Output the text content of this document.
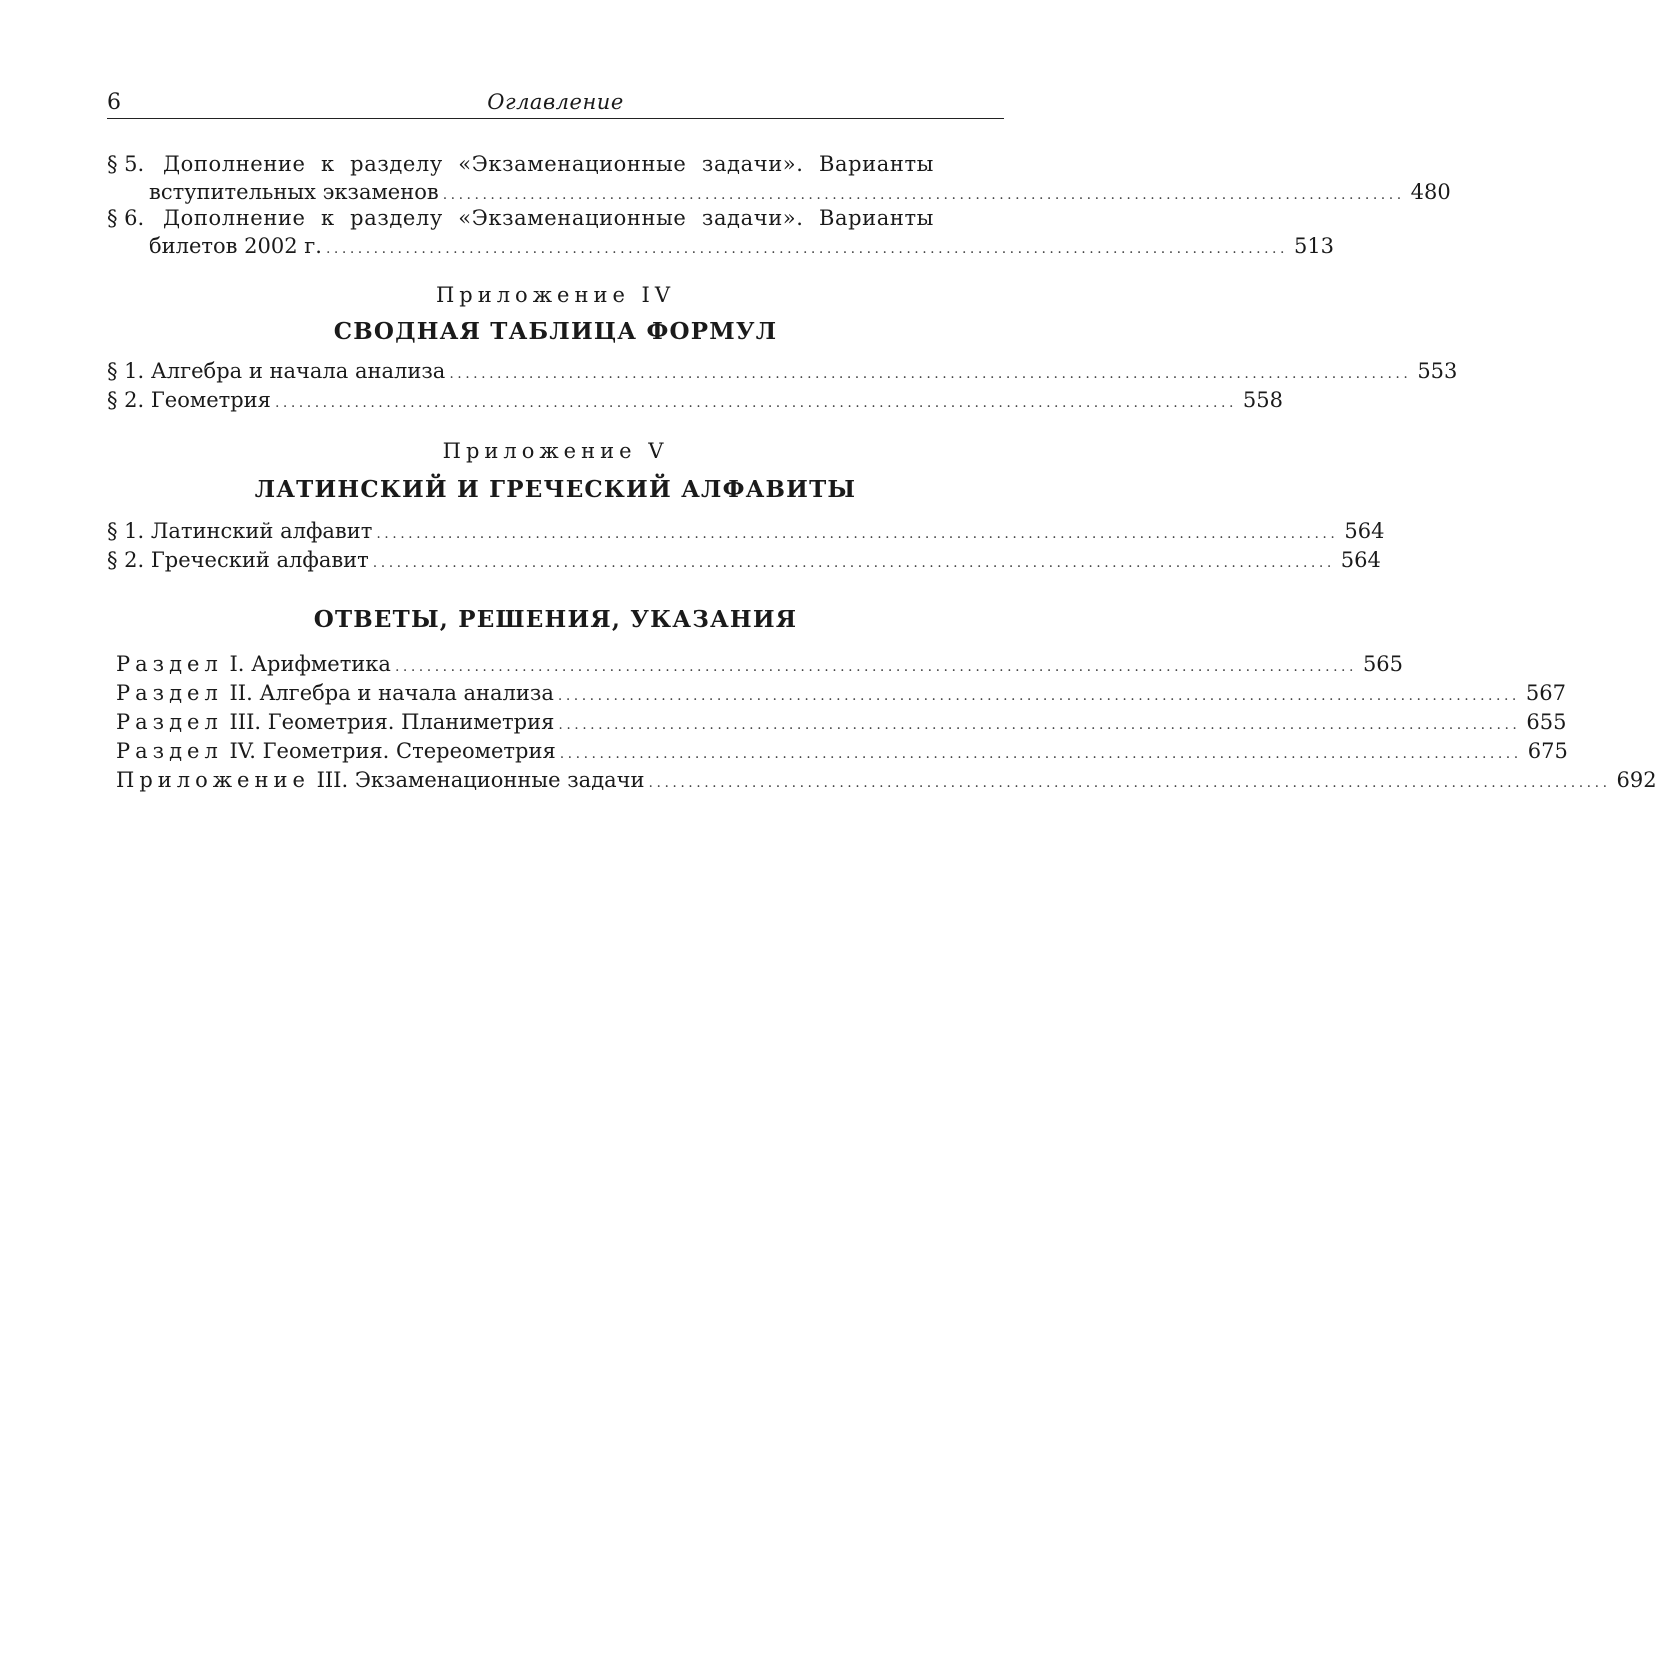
6	Оглавление
§ 5. Дополнение к разделу «Экзаменационные задачи». Варианты
вступительных экзаменов ......................................................................................................................... 480
§ 6. Дополнение к разделу «Экзаменационные задачи». Варианты
билетов 2002 г. ......................................................................................................................... 513
Приложение IV
СВОДНАЯ ТАБЛИЦА ФОРМУЛ
§ 1. Алгебра и начала анализа ......................................................................................................................... 553
§ 2. Геометрия ......................................................................................................................... 558
Приложение V
ЛАТИНСКИЙ И ГРЕЧЕСКИЙ АЛФАВИТЫ
§ 1. Латинский алфавит ......................................................................................................................... 564
§ 2. Греческий алфавит ......................................................................................................................... 564
ОТВЕТЫ, РЕШЕНИЯ, УКАЗАНИЯ
Раздел I. Арифметика ......................................................................................................................... 565
Раздел II. Алгебра и начала анализа ......................................................................................................................... 567
Раздел III. Геометрия. Планиметрия ......................................................................................................................... 655
Раздел IV. Геометрия. Стереометрия ......................................................................................................................... 675
Приложение III. Экзаменационные задачи ......................................................................................................................... 692
